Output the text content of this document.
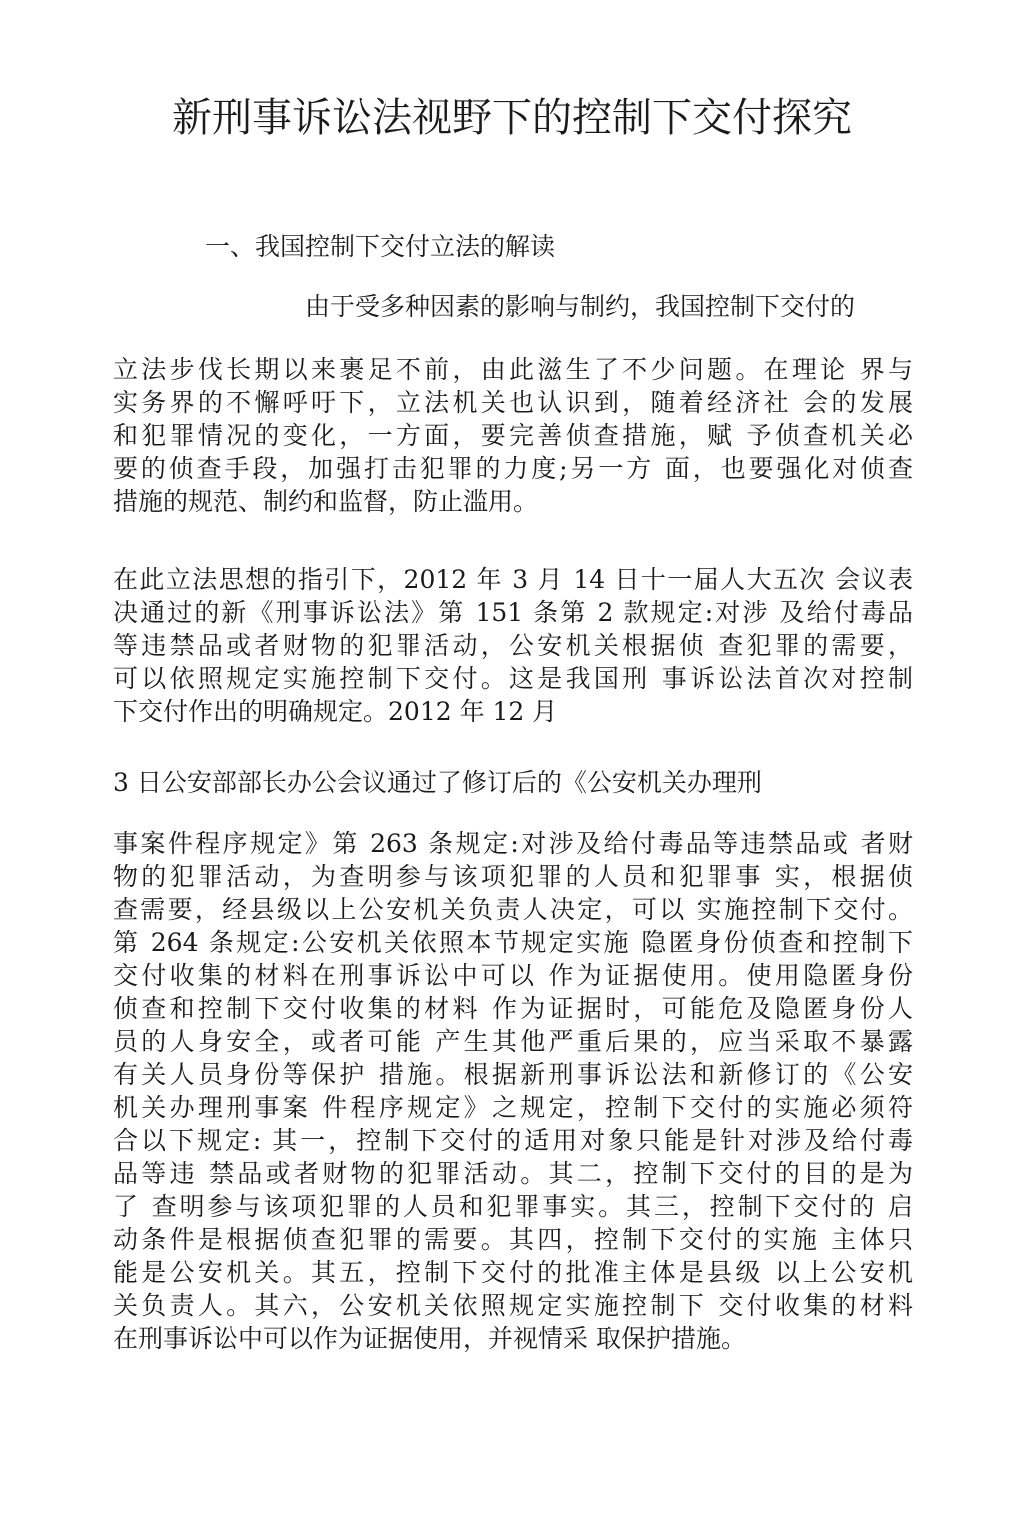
新刑事诉讼法视野下的控制下交付探究

一、我国控制下交付立法的解读

由于受多种因素的影响与制约，我国控制下交付的

立法步伐长期以来裹足不前，由此滋生了不少问题。在理论 界与
实务界的不懈呼吁下，立法机关也认识到，随着经济社 会的发展
和犯罪情况的变化，一方面，要完善侦查措施，赋 予侦查机关必
要的侦查手段，加强打击犯罪的力度;另一方 面，也要强化对侦查
措施的规范、制约和监督，防止滥用。
在此立法思想的指引下，2012 年 3 月 14 日十一届人大五次 会议表
决通过的新《刑事诉讼法》第 151 条第 2 款规定:对涉 及给付毒品
等违禁品或者财物的犯罪活动，公安机关根据侦 查犯罪的需要，
可以依照规定实施控制下交付。这是我国刑 事诉讼法首次对控制
下交付作出的明确规定。2012 年 12 月
3 日公安部部长办公会议通过了修订后的《公安机关办理刑
事案件程序规定》第 263 条规定:对涉及给付毒品等违禁品或 者财
物的犯罪活动，为查明参与该项犯罪的人员和犯罪事 实，根据侦
查需要，经县级以上公安机关负责人决定，可以 实施控制下交付。
第 264 条规定:公安机关依照本节规定实施 隐匿身份侦查和控制下
交付收集的材料在刑事诉讼中可以 作为证据使用。使用隐匿身份
侦查和控制下交付收集的材料 作为证据时，可能危及隐匿身份人
员的人身安全，或者可能 产生其他严重后果的，应当采取不暴露
有关人员身份等保护 措施。根据新刑事诉讼法和新修订的《公安
机关办理刑事案 件程序规定》之规定，控制下交付的实施必须符
合以下规定: 其一，控制下交付的适用对象只能是针对涉及给付毒
品等违 禁品或者财物的犯罪活动。其二，控制下交付的目的是为
了 查明参与该项犯罪的人员和犯罪事实。其三，控制下交付的 启
动条件是根据侦查犯罪的需要。其四，控制下交付的实施 主体只
能是公安机关。其五，控制下交付的批准主体是县级 以上公安机
关负责人。其六，公安机关依照规定实施控制下 交付收集的材料
在刑事诉讼中可以作为证据使用，并视情采 取保护措施。
